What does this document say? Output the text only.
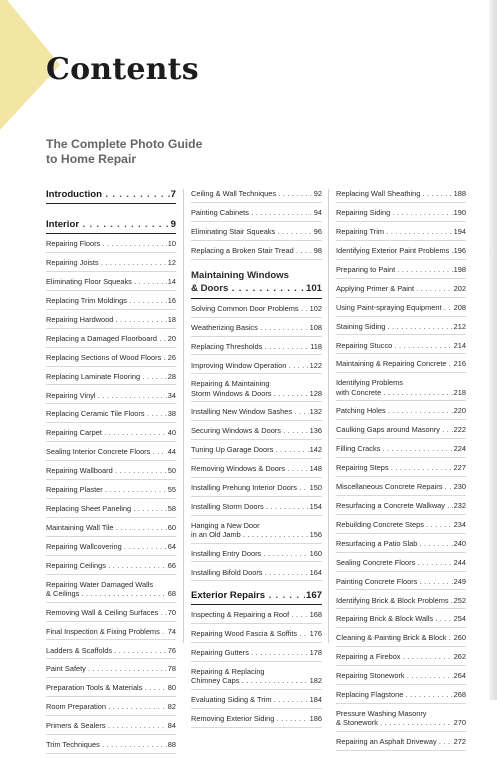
Contents
The Complete Photo Guide
to Home Repair
Introduction . . .	7
Interior . . .	9
Repairing Floors . . .	10
Repairing Joists . . .	12
Eliminating Floor Squeaks . . .	14
Replacing Trim Moldings . . .	16
Repairing Hardwood . . .	18
Replacing a Damaged Floorboard . . .	20
Replacing Sections of Wood Floors . . . 26
Replacing Laminate Flooring . . .	28
Repairing Vinyl . . .	34
Replacing Ceramic Tile Floors . . .	38
Repairing Carpet . . .	40
Sealing Interior Concrete Floors . . .	44
Repairing Wallboard . . .	50
Repairing Plaster . . .	55
Replacing Sheet Paneling . . .	58
Maintaining Wall Tile . . .	60
Repairing Wallcovering . . .	64
Repairing Ceilings . . .	66
Repairing Water Damaged Walls
& Ceilings . . .	68
Removing Wall & Ceiling Surfaces . . .	70
Final Inspection & Fixing Problems . . .	74
Ladders & Scaffolds . . .	76
Paint Safety . . .	78
Preparation Tools & Materials . . .	80
Room Preparation . . .	82
Primers & Sealers . . .	84
Trim Techniques . . .	88
Ceiling & Wall Techniques . . .	92
Painting Cabinets . . .	94
Eliminating Stair Squeaks . . .	96
Replacing a Broken Stair Tread . . .	98
Maintaining Windows
& Doors . . .	101
Solving Common Door Problems . . .	102
Weatherizing Basics . . .	108
Replacing Thresholds . . .	118
Improving Window Operation . . .	122
Repairing & Maintaining
Storm Windows & Doors . . .	128
Installing New Window Sashes . . .	132
Securing Windows & Doors . . .	136
Tuning Up Garage Doors . . .	142
Removing Windows & Doors . . .	148
Installing Prehung Interior Doors . . .	150
Installing Storm Doors . . .	154
Hanging a New Door
in an Old Jamb . . .	156
Installing Entry Doors . . .	160
Installing Bifold Doors . . .	164
Exterior Repairs . . .	167
Inspecting & Repairing a Roof . . .	168
Repairing Wood Fascia & Soffits . . .	176
Repairing Gutters . . .	178
Repairing & Replacing
Chimney Caps . . .	182
Evaluating Siding & Trim . . .	184
Removing Exterior Siding . . .	186
Replacing Wall Sheathing . . .	188
Repairing Siding . . .	190
Repairing Trim . . .	194
Identifying Exterior Paint Problems . . . 196
Preparing to Paint . . .	198
Applying Primer & Paint . . .	202
Using Paint-spraying Equipment . . .	208
Staining Siding . . .	212
Repairing Stucco . . .	214
Maintaining & Repairing Concrete . . . 216
Identifying Problems
with Concrete . . .	218
Patching Holes . . .	220
Caulking Gaps around Masonry . . .	222
Filling Cracks . . .	224
Repairing Steps . . .	227
Miscellaneous Concrete Repairs . . .	230
Resurfacing a Concrete Walkway . . .	232
Rebuilding Concrete Steps . . .	234
Resurfacing a Patio Slab . . .	240
Sealing Concrete Floors . . .	244
Painting Concrete Floors . . .	249
Identifying Brick & Block Problems . . . 252
Repairing Brick & Block Walls . . .	254
Cleaning & Painting Brick & Block . . . 260
Repairing a Firebox . . .	262
Repairing Stonework . . .	264
Replacing Flagstone . . .	268
Pressure Washing Masonry
& Stonework . . .	270
Repairing an Asphalt Driveway . . .	272
